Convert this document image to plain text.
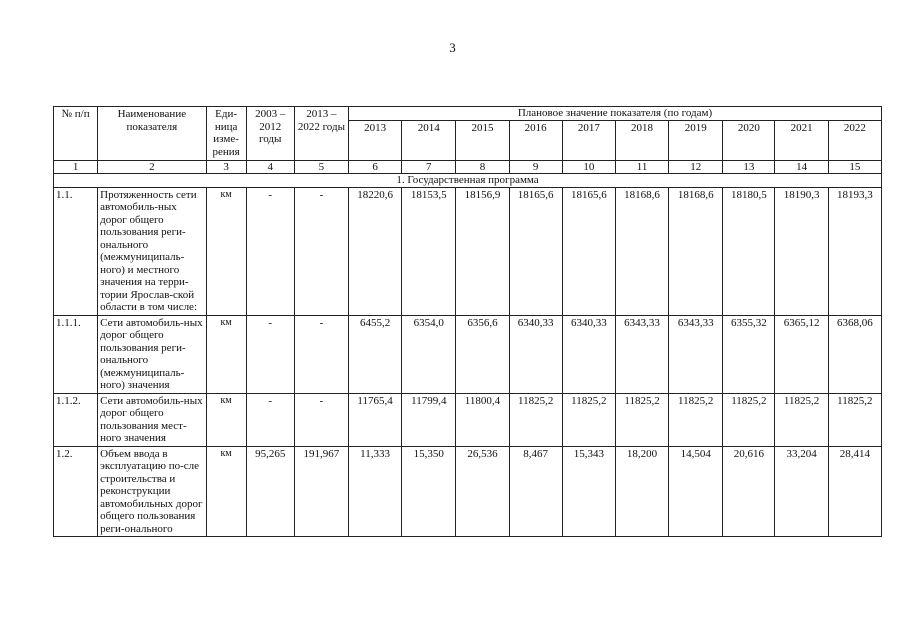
3
№ п/п	Наименование показателя	Еди-ница изме-рения	2003 – 2012 годы	2013 – 2022 годы	Плановое значение показателя (по годам)									
					2013	2014	2015	2016	2017	2018	2019	2020	2021	2022
1	2	3	4	5	6	7	8	9	10	11	12	13	14	15
1. Государственная программа														
1.1.	Протяженность сети автомобиль-ных дорог общего пользования реги-онального (межмуниципаль-ного) и местного значения на терри-тории Ярослав-ской области в том числе:	км	-	-	18220,6	18153,5	18156,9	18165,6	18165,6	18168,6	18168,6	18180,5	18190,3	18193,3
1.1.1.	Сети автомобиль-ных дорог общего пользования реги-онального (межмуниципаль-ного) значения	км	-	-	6455,2	6354,0	6356,6	6340,33	6340,33	6343,33	6343,33	6355,32	6365,12	6368,06
1.1.2.	Сети автомобиль-ных дорог общего пользования мест-ного значения	км	-	-	11765,4	11799,4	11800,4	11825,2	11825,2	11825,2	11825,2	11825,2	11825,2	11825,2
1.2.	Объем ввода в эксплуатацию по-сле строительства и реконструкции автомобильных дорог общего пользования реги-онального	км	95,265	191,967	11,333	15,350	26,536	8,467	15,343	18,200	14,504	20,616	33,204	28,414
